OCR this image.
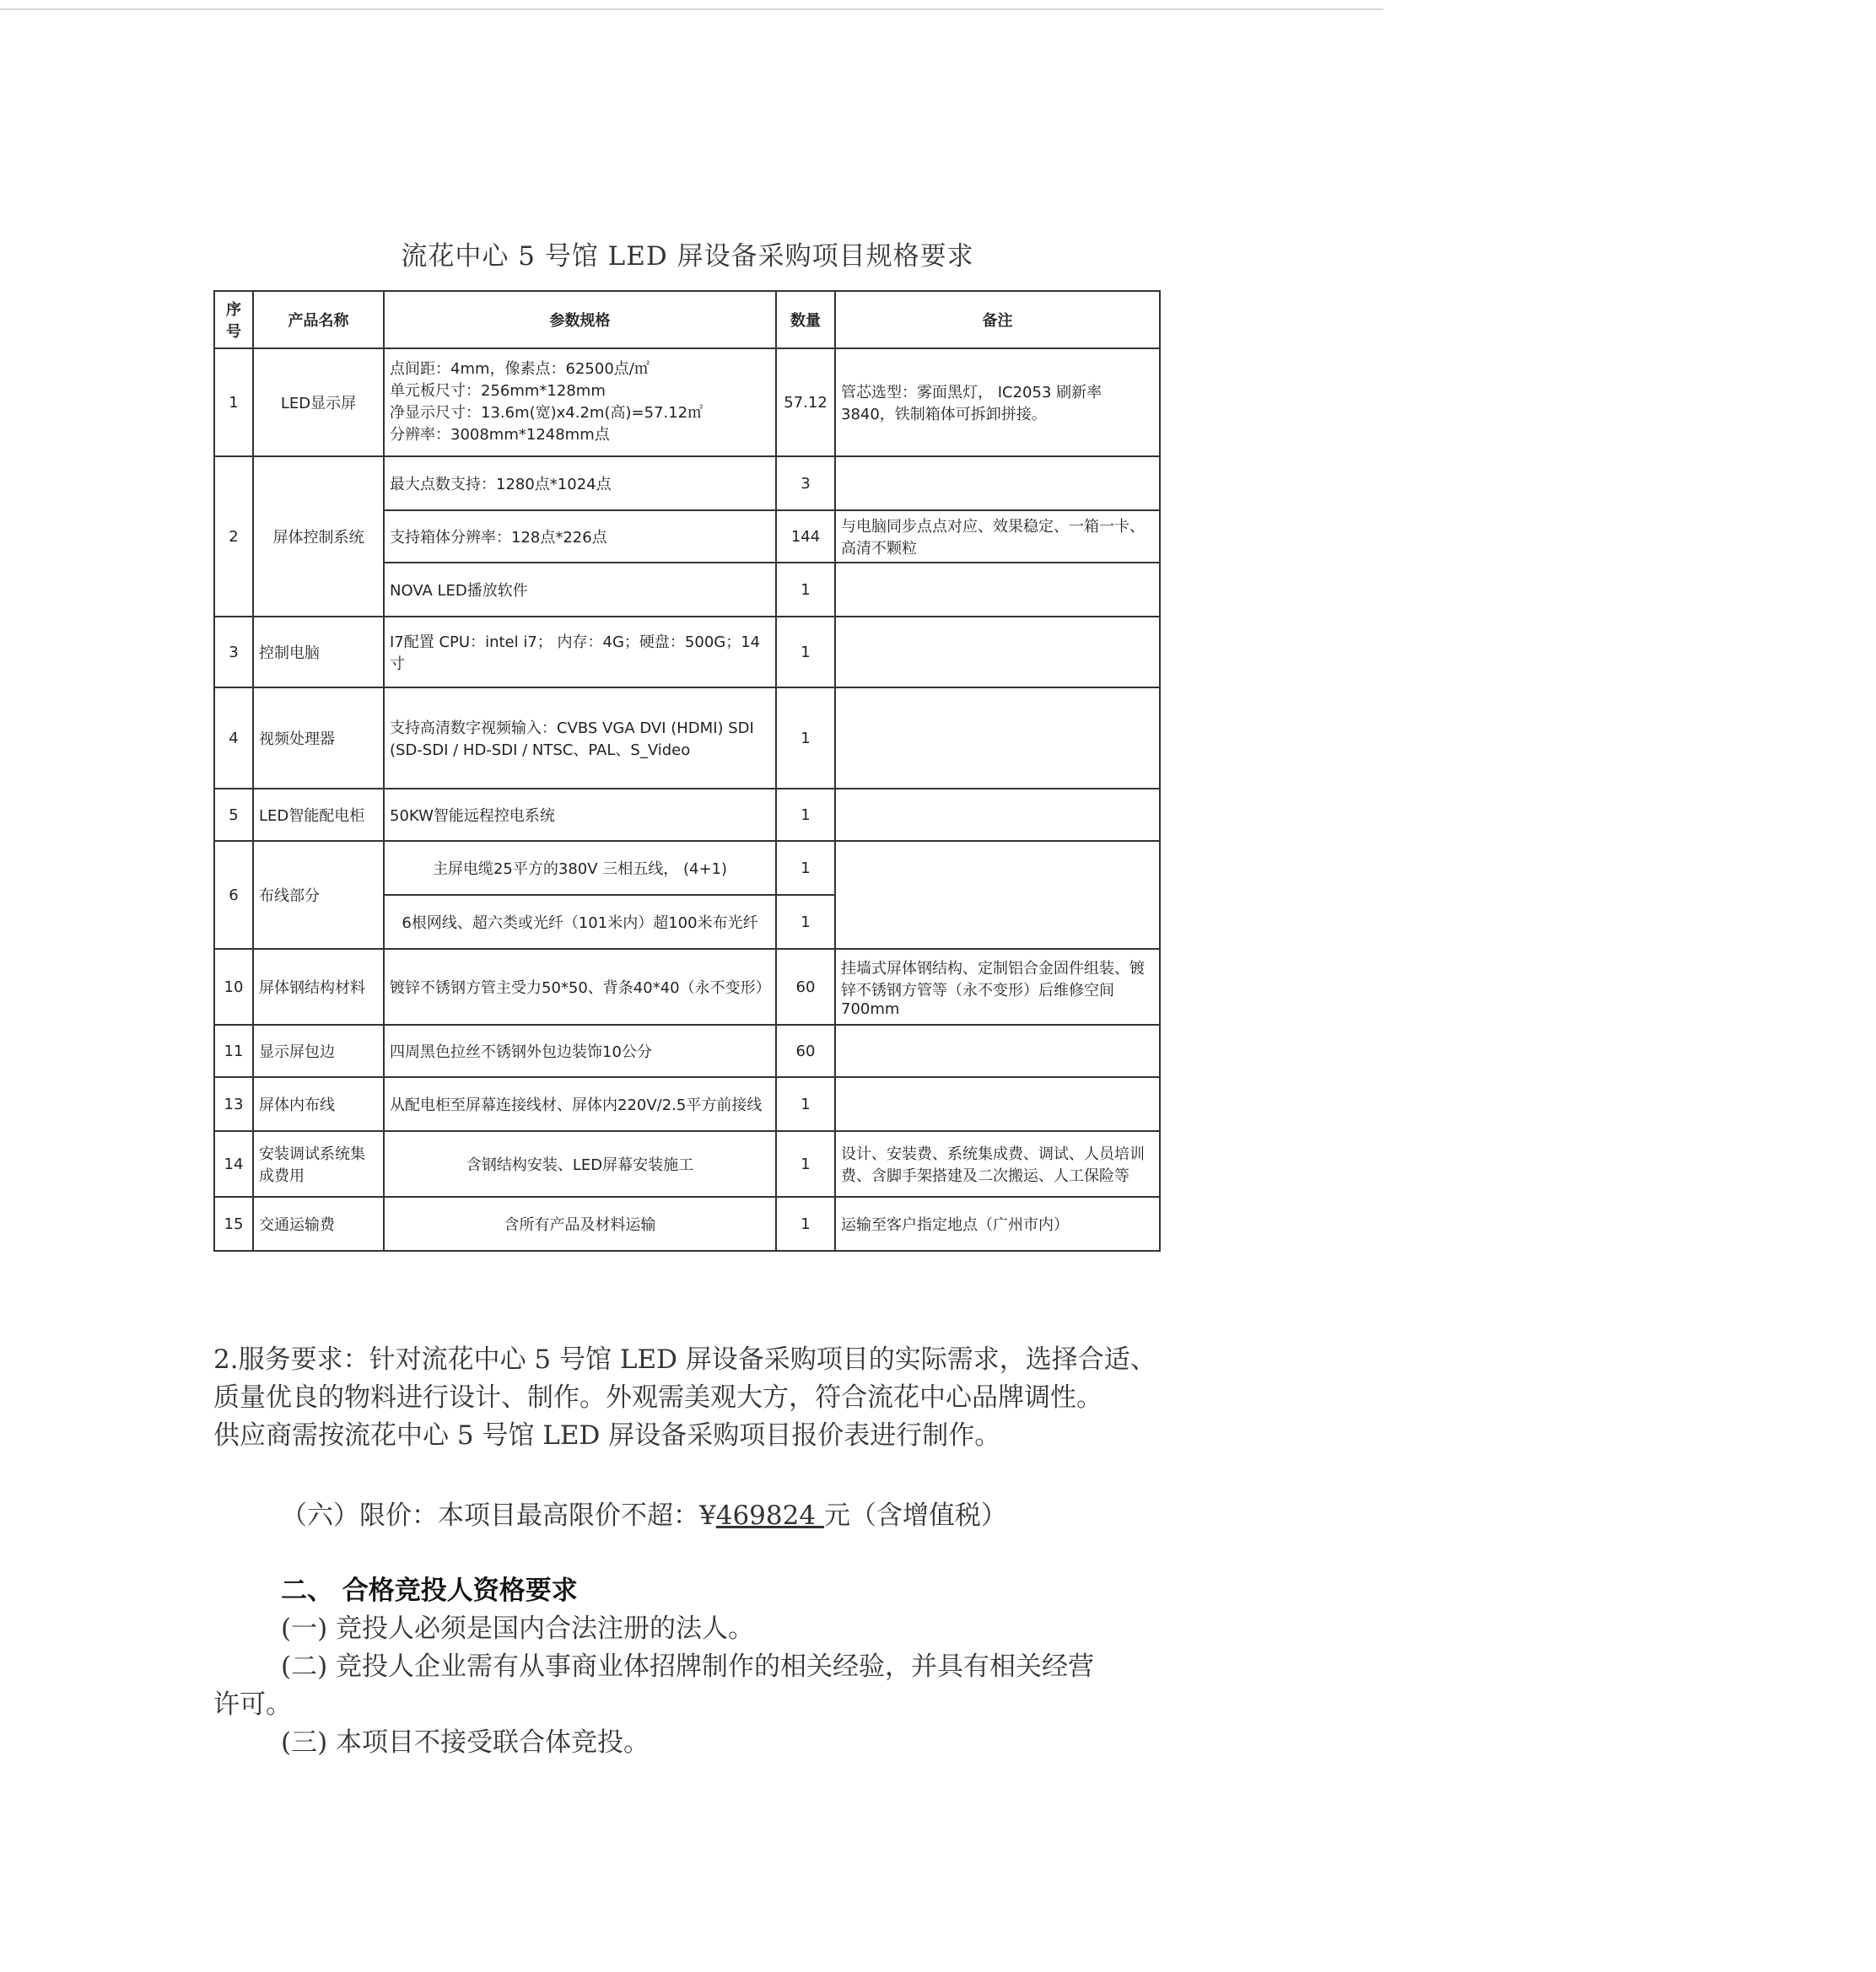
流花中心 5 号馆 LED 屏设备采购项目规格要求
序号	产品名称	参数规格	数量	备注
1	LED显示屏	点间距：4mm，像素点：62500点/㎡
单元板尺寸：256mm*128mm
净显示尺寸：13.6m(宽)x4.2m(高)=57.12㎡
分辨率：3008mm*1248mm点	57.12	管芯选型：雾面黑灯， IC2053 刷新率3840，铁制箱体可拆卸拼接。
2	屏体控制系统	最大点数支持：1280点*1024点	3	
		支持箱体分辨率：128点*226点	144	与电脑同步点点对应、效果稳定、一箱一卡、高清不颗粒
		NOVA LED播放软件	1	
3	控制电脑	I7配置 CPU：intel i7； 内存：4G；硬盘：500G；14寸	1	
4	视频处理器	支持高清数字视频输入：CVBS VGA DVI (HDMI) SDI (SD-SDI / HD-SDI / NTSC、PAL、S_Video	1	
5	LED智能配电柜	50KW智能远程控电系统	1	
6	布线部分	主屏电缆25平方的380V 三相五线， (4+1)	1	
		6根网线、超六类或光纤（101米内）超100米布光纤	1	
10	屏体钢结构材料	镀锌不锈钢方管主受力50*50、背条40*40（永不变形）	60	挂墙式屏体钢结构、定制铝合金固件组装、镀锌不锈钢方管等（永不变形）后维修空间700mm
11	显示屏包边	四周黑色拉丝不锈钢外包边装饰10公分	60	
13	屏体内布线	从配电柜至屏幕连接线材、屏体内220V/2.5平方前接线	1	
14	安装调试系统集成费用	含钢结构安装、LED屏幕安装施工	1	设计、安装费、系统集成费、调试、人员培训费、含脚手架搭建及二次搬运、人工保险等
15	交通运输费	含所有产品及材料运输	1	运输至客户指定地点（广州市内）
2.服务要求：针对流花中心 5 号馆 LED 屏设备采购项目的实际需求，选择合适、
质量优良的物料进行设计、制作。外观需美观大方，符合流花中心品牌调性。
供应商需按流花中心 5 号馆 LED 屏设备采购项目报价表进行制作。
（六）限价：本项目最高限价不超：¥469824 元（含增值税）
二、 合格竞投人资格要求
(一) 竞投人必须是国内合法注册的法人。
(二) 竞投人企业需有从事商业体招牌制作的相关经验，并具有相关经营
许可。
(三) 本项目不接受联合体竞投。
